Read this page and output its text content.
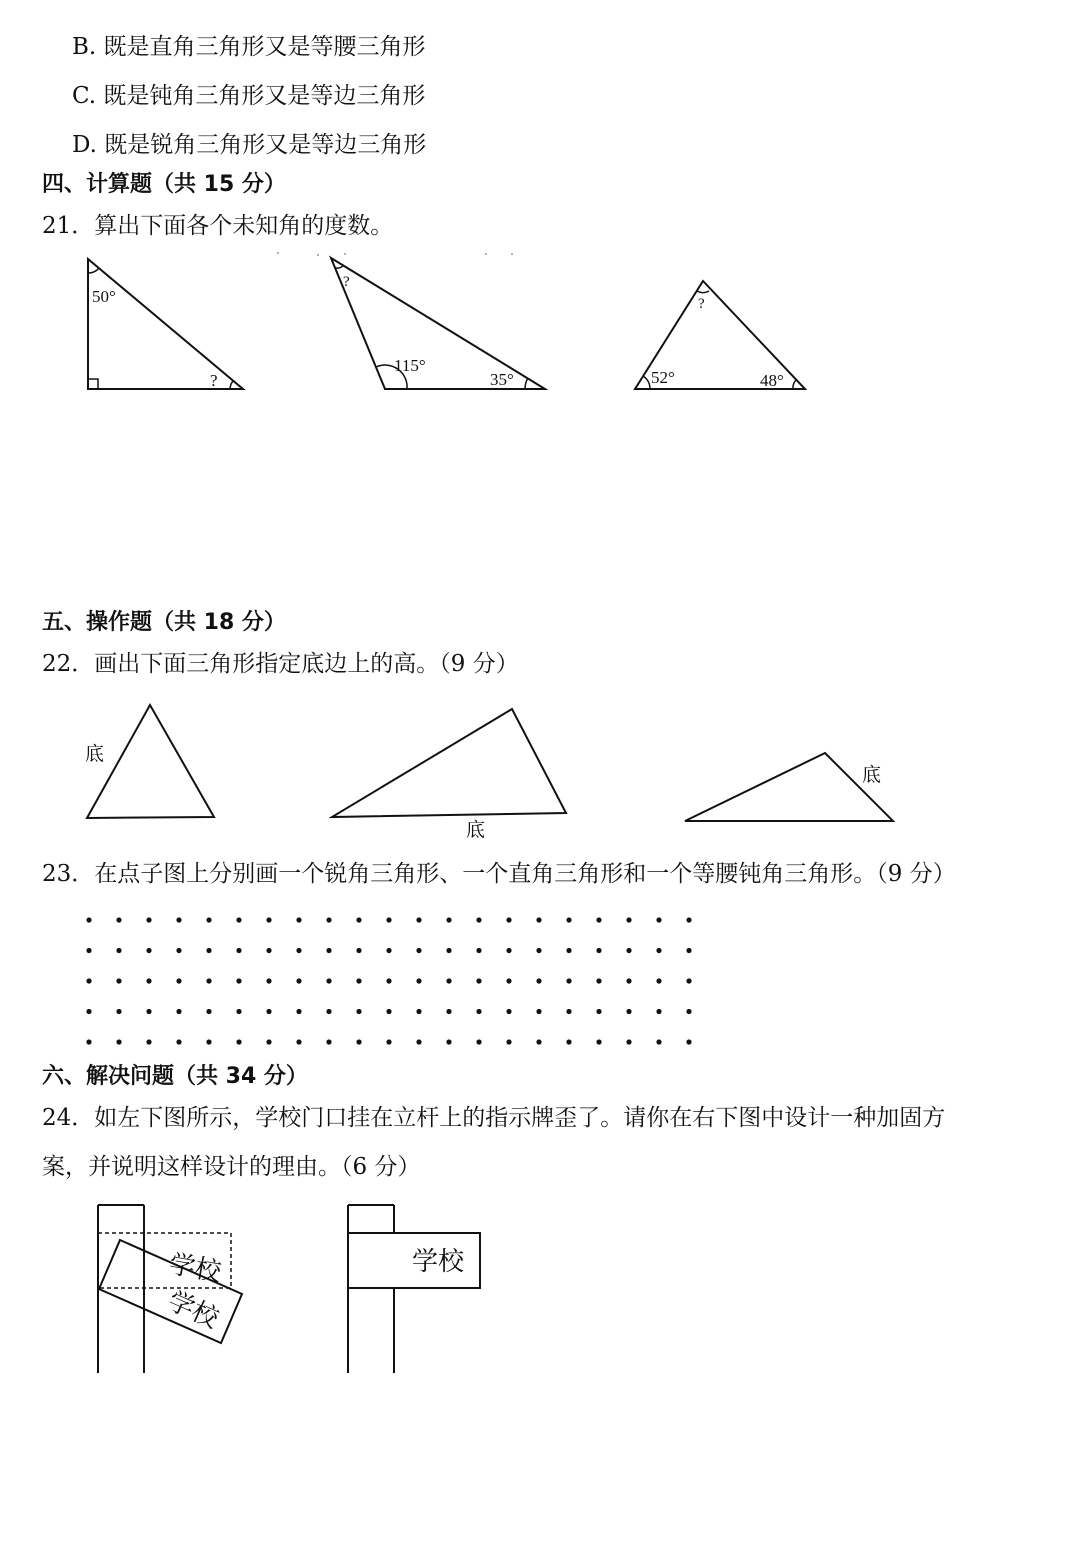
B. 既是直角三角形又是等腰三角形
C. 既是钝角三角形又是等边三角形
D. 既是锐角三角形又是等边三角形
四、计算题（共 15 分）
21．算出下面各个未知角的度数。
五、操作题（共 18 分）
22．画出下面三角形指定底边上的高。（9 分）
23．在点子图上分别画一个锐角三角形、一个直角三角形和一个等腰钝角三角形。（9 分）
六、解决问题（共 34 分）
24．如左下图所示，学校门口挂在立杆上的指示牌歪了。请你在右下图中设计一种加固方
案，并说明这样设计的理由。（6 分）
50°
?
?
115°
35°
?
52°	48°
底
底
底
学校
学校
学校
